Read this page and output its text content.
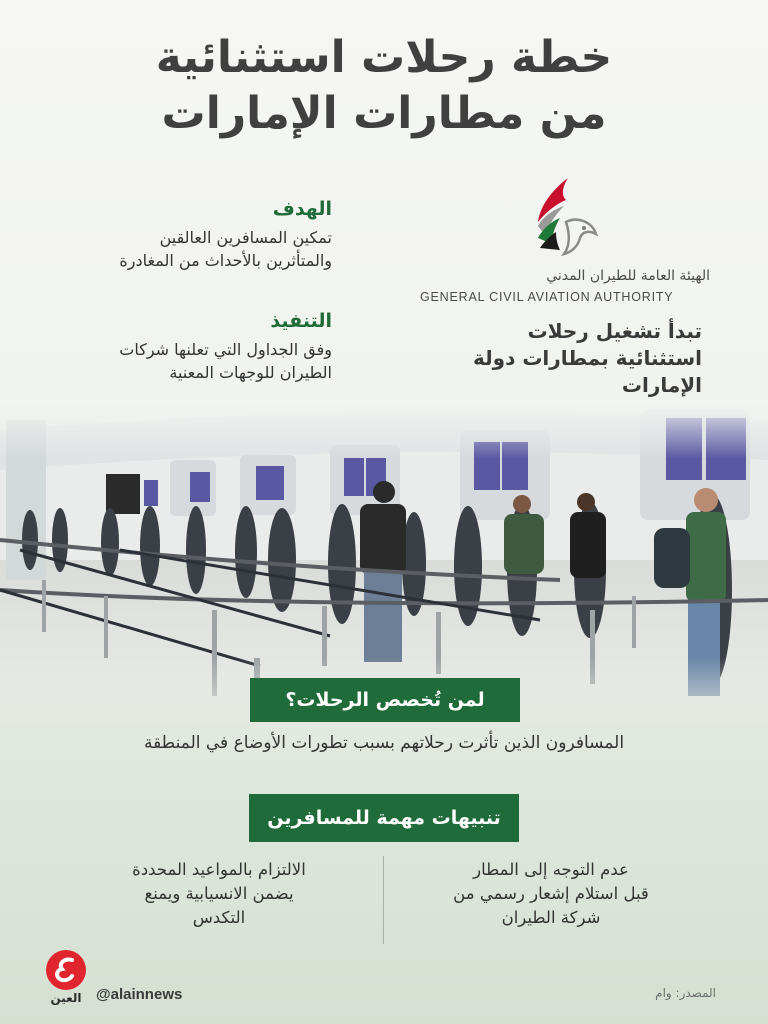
خطة رحلات استثنائية
من مطارات الإمارات
الهدف
تمكين المسافرين العالقين
والمتأثرين بالأحداث من المغادرة
التنفيذ
وفق الجداول التي تعلنها شركات
الطيران للوجهات المعنية
الهيئة العامة للطيران المدني
GENERAL CIVIL AVIATION AUTHORITY
تبدأ تشغيل رحلات
استثنائية بمطارات دولة
الإمارات
لمن تُخصص الرحلات؟
المسافرون الذين تأثرت رحلاتهم بسبب تطورات الأوضاع في المنطقة
تنبيهات مهمة للمسافرين
عدم التوجه إلى المطار
قبل استلام إشعار رسمي من
شركة الطيران
الالتزام بالمواعيد المحددة
يضمن الانسيابية ويمنع
التكدس
العين @alainnews	المصدر: وام
